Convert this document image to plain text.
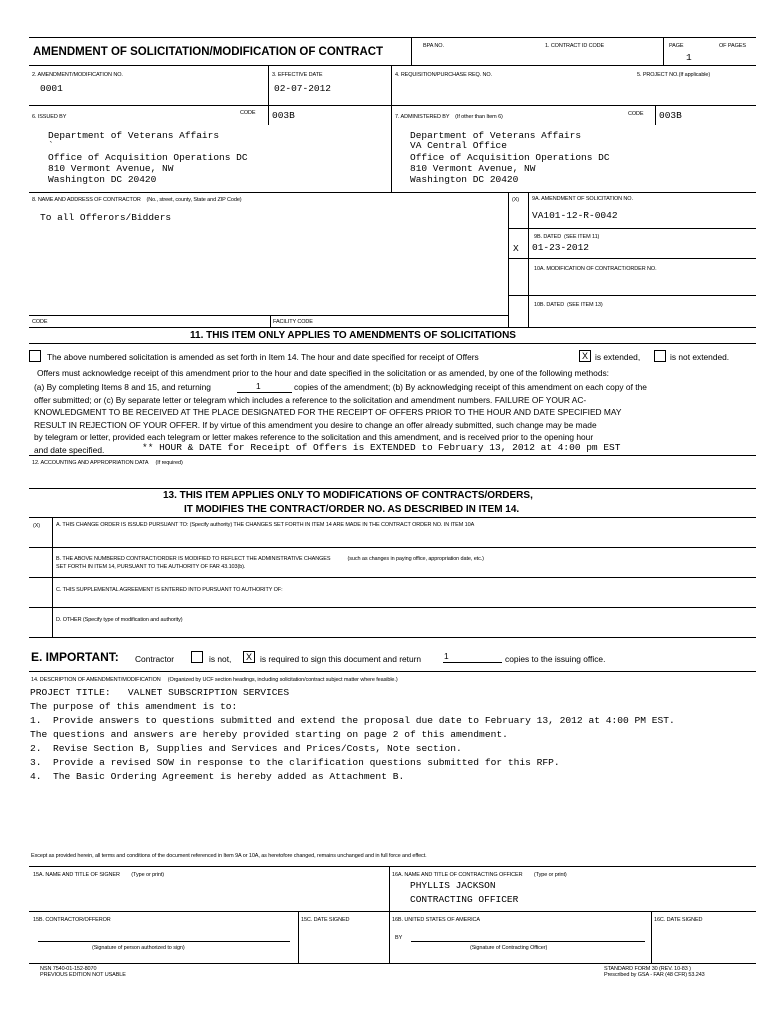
AMENDMENT OF SOLICITATION/MODIFICATION OF CONTRACT	BPA NO.	1. CONTRACT ID CODE	PAGE	OF PAGES
1
2. AMENDMENT/MODIFICATION NO.
0001
3. EFFECTIVE DATE
02-07-2012
4. REQUISITION/PURCHASE REQ. NO.	5. PROJECT NO.(If applicable)
6. ISSUED BY
CODE 003B
Department of Veterans Affairs
`
Office of Acquisition Operations DC
810 Vermont Avenue, NW
Washington DC 20420
7. ADMINISTERED BY (If other than Item 6)	CODE 003B
Department of Veterans Affairs
VA Central Office
Office of Acquisition Operations DC
810 Vermont Avenue, NW
Washington DC 20420
8. NAME AND ADDRESS OF CONTRACTOR (No., street, county, State and ZIP Code)
To all Offerors/Bidders
(X) 9A. AMENDMENT OF SOLICITATION NO.
VA101-12-R-0042
9B. DATED (SEE ITEM 11)
X 01-23-2012
10A. MODIFICATION OF CONTRACT/ORDER NO.
10B. DATED (SEE ITEM 13)
CODE	FACILITY CODE
11. THIS ITEM ONLY APPLIES TO AMENDMENTS OF SOLICITATIONS
The above numbered solicitation is amended as set forth in Item 14. The hour and date specified for receipt of Offers	X is extended,	is not extended.
Offers must acknowledge receipt of this amendment prior to the hour and date specified in the solicitation or as amended, by one of the following methods:
(a) By completing Items 8 and 15, and returning	1	copies of the amendment; (b) By acknowledging receipt of this amendment on each copy of the
offer submitted; or (c) By separate letter or telegram which includes a reference to the solicitation and amendment numbers. FAILURE OF YOUR AC-
KNOWLEDGMENT TO BE RECEIVED AT THE PLACE DESIGNATED FOR THE RECEIPT OF OFFERS PRIOR TO THE HOUR AND DATE SPECIFIED MAY
RESULT IN REJECTION OF YOUR OFFER. If by virtue of this amendment you desire to change an offer already submitted, such change may be made
by telegram or letter, provided each telegram or letter makes reference to the solicitation and this amendment, and is received prior to the opening hour
and date specified.	** HOUR & DATE for Receipt of Offers is EXTENDED to February 13, 2012 at 4:00 pm EST
12. ACCOUNTING AND APPROPRIATION DATA (If required)
13. THIS ITEM APPLIES ONLY TO MODIFICATIONS OF CONTRACTS/ORDERS,
IT MODIFIES THE CONTRACT/ORDER NO. AS DESCRIBED IN ITEM 14.
(X)	A. THIS CHANGE ORDER IS ISSUED PURSUANT TO: (Specify authority) THE CHANGES SET FORTH IN ITEM 14 ARE MADE IN THE CONTRACT ORDER NO. IN ITEM 10A
B. THE ABOVE NUMBERED CONTRACT/ORDER IS MODIFIED TO REFLECT THE ADMINISTRATIVE CHANGES	(such as changes in paying office, appropriation date, etc.)
SET FORTH IN ITEM 14, PURSUANT TO THE AUTHORITY OF FAR 43.103(b).
C. THIS SUPPLEMENTAL AGREEMENT IS ENTERED INTO PURSUANT TO AUTHORITY OF:
D. OTHER (Specify type of modification and authority)
E. IMPORTANT: Contractor	is not,	X is required to sign this document and return	1	copies to the issuing office.
14. DESCRIPTION OF AMENDMENT/MODIFICATION (Organized by UCF section headings, including solicitation/contract subject matter where feasible.)
PROJECT TITLE:   VALNET SUBSCRIPTION SERVICES
The purpose of this amendment is to:
1.  Provide answers to questions submitted and extend the proposal due date to February 13, 2012 at 4:00 PM EST.
The questions and answers are hereby provided starting on page 2 of this amendment.
2.  Revise Section B, Supplies and Services and Prices/Costs, Note section.
3.  Provide a revised SOW in response to the clarification questions submitted for this RFP.
4.  The Basic Ordering Agreement is hereby added as Attachment B.
Except as provided herein, all terms and conditions of the document referenced in Item 9A or 10A, as heretofore changed, remains unchanged and in full force and effect.
15A. NAME AND TITLE OF SIGNER (Type or print)	16A. NAME AND TITLE OF CONTRACTING OFFICER (Type or print)
PHYLLIS JACKSON
CONTRACTING OFFICER
15B. CONTRACTOR/OFFEROR	15C. DATE SIGNED	16B. UNITED STATES OF AMERICA	16C. DATE SIGNED
BY
(Signature of person authorized to sign)	(Signature of Contracting Officer)
NSN 7540-01-152-8070
PREVIOUS EDITION NOT USABLE
STANDARD FORM 30 (REV. 10-83 )
Prescribed by GSA - FAR (48 CFR) 53.243
